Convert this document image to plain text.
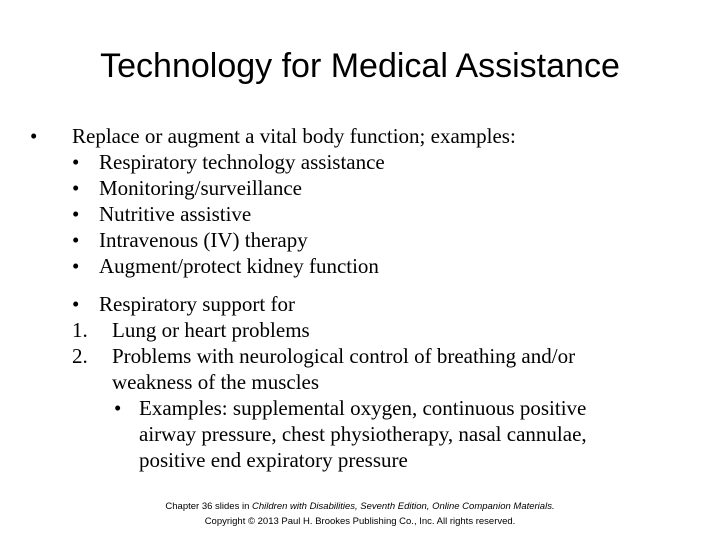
Technology for Medical Assistance
• Replace or augment a vital body function; examples:
• Respiratory technology assistance
• Monitoring/surveillance
• Nutritive assistive
• Intravenous (IV) therapy
• Augment/protect kidney function
• Respiratory support for
1. Lung or heart problems
2. Problems with neurological control of breathing and/or
weakness of the muscles
• Examples: supplemental oxygen, continuous positive
airway pressure, chest physiotherapy, nasal cannulae,
positive end expiratory pressure
Chapter 36 slides in Children with Disabilities, Seventh Edition, Online Companion Materials.
Copyright © 2013 Paul H. Brookes Publishing Co., Inc. All rights reserved.
